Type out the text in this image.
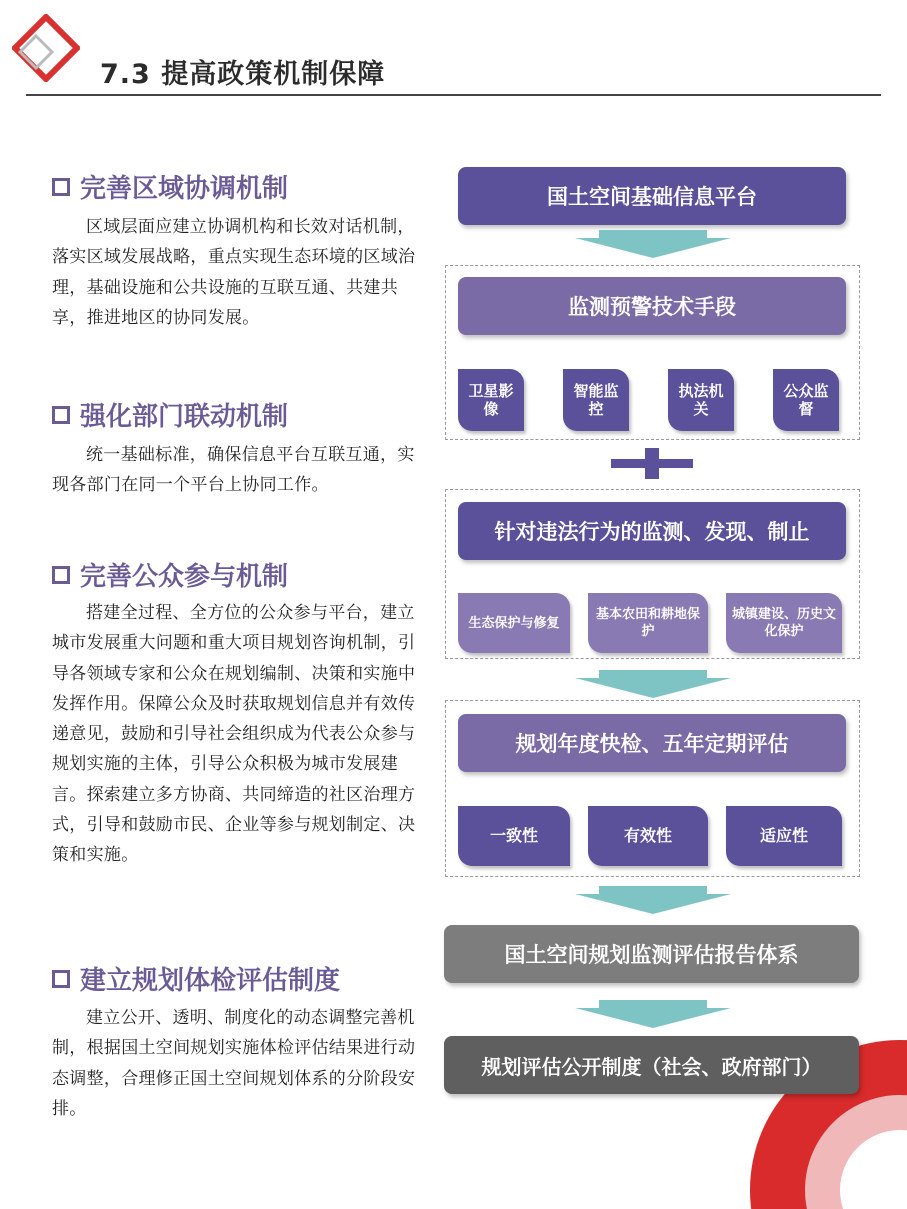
7.3 提高政策机制保障
完善区域协调机制
区域层面应建立协调机构和长效对话机制，落实区域发展战略，重点实现生态环境的区域治理，基础设施和公共设施的互联互通、共建共享，推进地区的协同发展。
强化部门联动机制
统一基础标准，确保信息平台互联互通，实现各部门在同一个平台上协同工作。
完善公众参与机制
搭建全过程、全方位的公众参与平台，建立城市发展重大问题和重大项目规划咨询机制，引导各领域专家和公众在规划编制、决策和实施中发挥作用。保障公众及时获取规划信息并有效传递意见，鼓励和引导社会组织成为代表公众参与规划实施的主体，引导公众积极为城市发展建言。探索建立多方协商、共同缔造的社区治理方式，引导和鼓励市民、企业等参与规划制定、决策和实施。
建立规划体检评估制度
建立公开、透明、制度化的动态调整完善机制，根据国土空间规划实施体检评估结果进行动态调整，合理修正国土空间规划体系的分阶段安排。
国土空间基础信息平台
监测预警技术手段
卫星影像
智能监控
执法机关
公众监督
针对违法行为的监测、发现、制止
生态保护与修复
基本农田和耕地保护
城镇建设、历史文化保护
规划年度快检、五年定期评估
一致性	有效性	适应性
国土空间规划监测评估报告体系
规划评估公开制度（社会、政府部门）
